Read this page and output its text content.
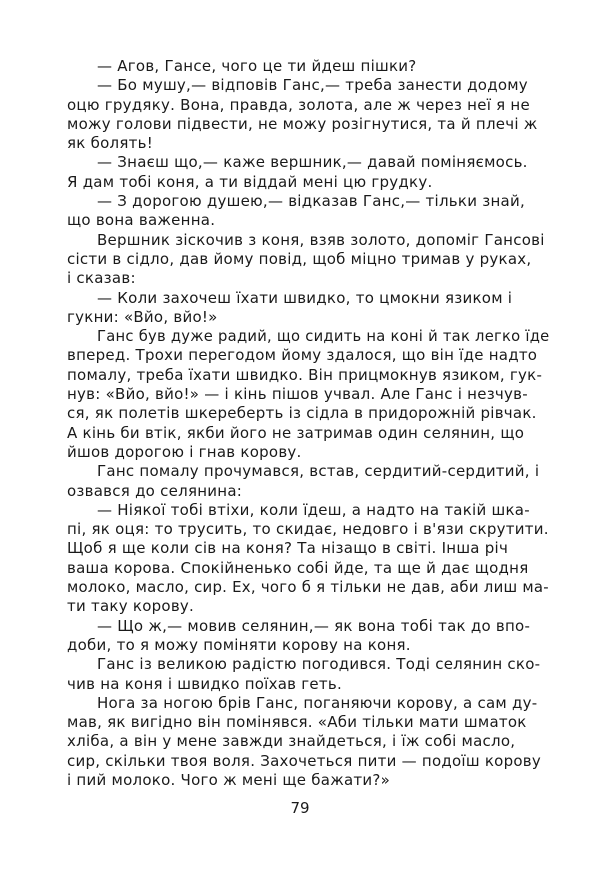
— Агов, Гансе, чого це ти йдеш пішки?
— Бо мушу,— відповів Ганс,— треба занести додому
оцю грудяку. Вона, правда, золота, але ж через неї я не
можу голови підвести, не можу розігнутися, та й плечі ж
як болять!
— Знаєш що,— каже вершник,— давай поміняємось.
Я дам тобі коня, а ти віддай мені цю грудку.
— З дорогою душею,— відказав Ганс,— тільки знай,
що вона важенна.
Вершник зіскочив з коня, взяв золото, допоміг Гансові
сісти в сідло, дав йому повід, щоб міцно тримав у руках,
і сказав:
— Коли захочеш їхати швидко, то цмокни язиком і
гукни: «Вйо, вйо!»
Ганс був дуже радий, що сидить на коні й так легко їде
вперед. Трохи перегодом йому здалося, що він їде надто
помалу, треба їхати швидко. Він прицмокнув язиком, гук-
нув: «Вйо, вйо!» — і кінь пішов учвал. Але Ганс і незчув-
ся, як полетів шкереберть із сідла в придорожній рівчак.
А кінь би втік, якби його не затримав один селянин, що
йшов дорогою і гнав корову.
Ганс помалу прочумався, встав, сердитий-сердитий, і
озвався до селянина:
— Ніякої тобі втіхи, коли їдеш, а надто на такій шка-
пі, як оця: то трусить, то скидає, недовго і в'язи скрутити.
Щоб я ще коли сів на коня? Та нізащо в світі. Інша річ
ваша корова. Спокійненько собі йде, та ще й дає щодня
молоко, масло, сир. Ех, чого б я тільки не дав, аби лиш ма-
ти таку корову.
— Що ж,— мовив селянин,— як вона тобі так до впо-
доби, то я можу поміняти корову на коня.
Ганс із великою радістю погодився. Тоді селянин ско-
чив на коня і швидко поїхав геть.
Нога за ногою брів Ганс, поганяючи корову, а сам ду-
мав, як вигідно він помінявся. «Аби тільки мати шматок
хліба, а він у мене завжди знайдеться, і їж собі масло,
сир, скільки твоя воля. Захочеться пити — подоїш корову
і пий молоко. Чого ж мені ще бажати?»
79
